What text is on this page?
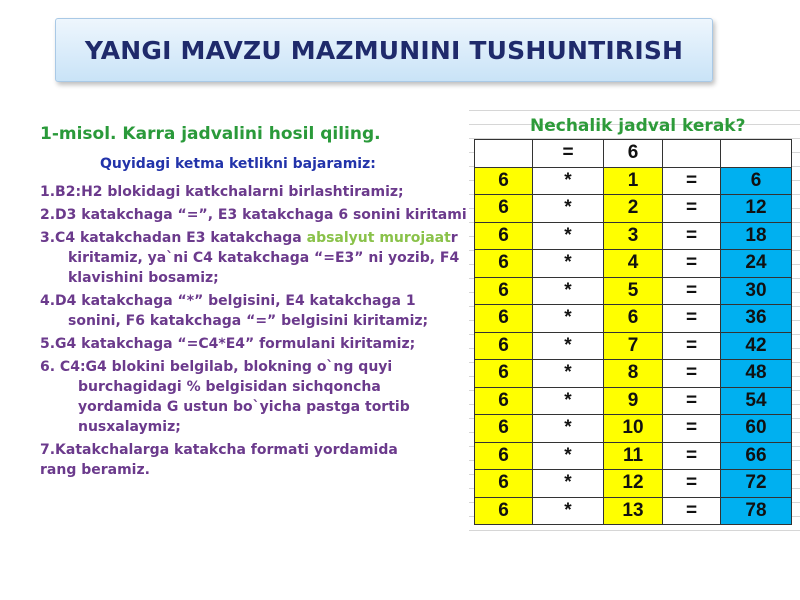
YANGI MAVZU MAZMUNINI TUSHUNTIRISH
1-misol. Karra jadvalini hosil qiling.
Quyidagi ketma ketlikni bajaramiz:
1.B2:H2 blokidagi katkchalarni birlashtiramiz;
2.D3 katakchaga “=”, E3 katakchaga 6 sonini kiritami
3.C4 katakchadan E3 katakchaga absalyut murojaatr
kiritamiz, ya`ni C4 katakchaga “=E3” ni yozib, F4
klavishini bosamiz;
4.D4 katakchaga “*” belgisini, E4 katakchaga 1
sonini, F6 katakchaga “=” belgisini kiritamiz;
5.G4 katakchaga “=C4*E4” formulani kiritamiz;
6. C4:G4 blokini belgilab, blokning o`ng quyi
burchagidagi % belgisidan sichqoncha
yordamida G ustun bo`yicha pastga tortib
nusxalaymiz;
7.Katakchalarga katakcha formati yordamida
rang beramiz.
Nechalik jadval kerak?
	=	6		
6	*	1	=	6
6	*	2	=	12
6	*	3	=	18
6	*	4	=	24
6	*	5	=	30
6	*	6	=	36
6	*	7	=	42
6	*	8	=	48
6	*	9	=	54
6	*	10	=	60
6	*	11	=	66
6	*	12	=	72
6	*	13	=	78
